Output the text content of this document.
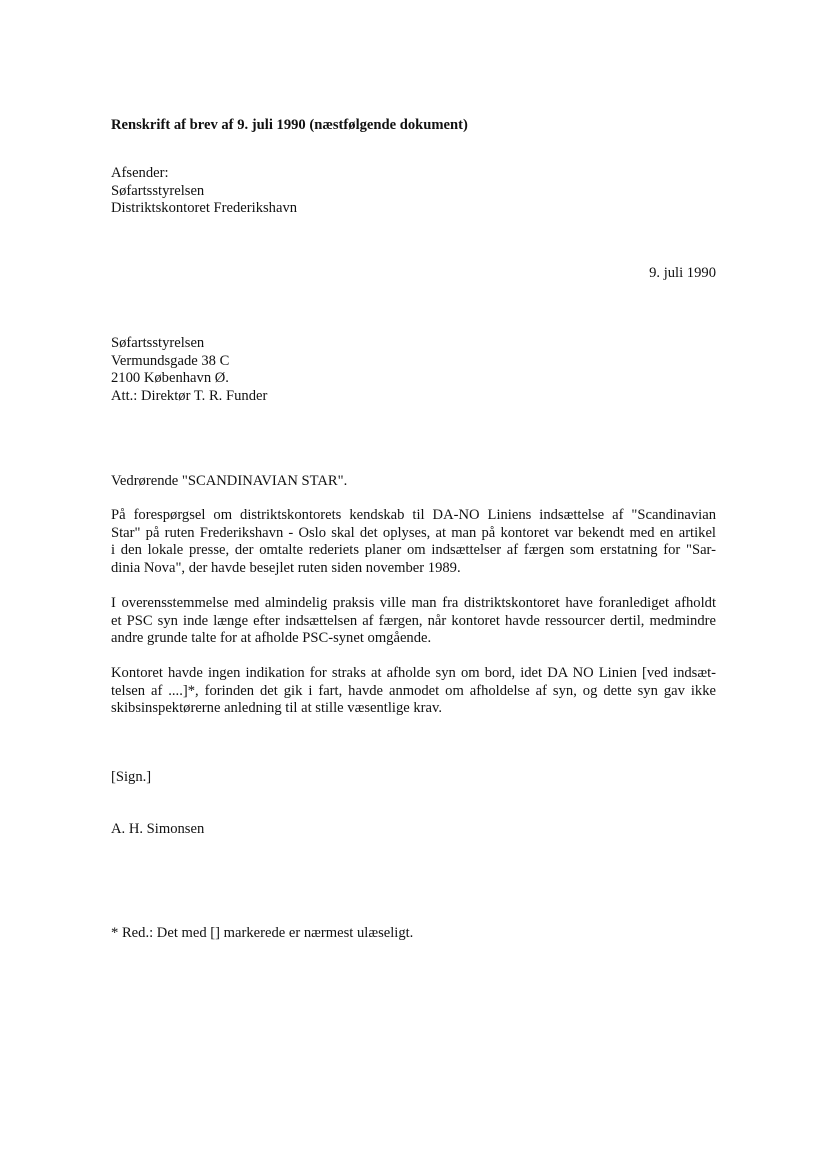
Renskrift af brev af 9. juli 1990 (næstfølgende dokument)
Afsender:
Søfartsstyrelsen
Distriktskontoret Frederikshavn
9. juli 1990
Søfartsstyrelsen
Vermundsgade 38 C
2100 København Ø.
Att.: Direktør T. R. Funder
Vedrørende "SCANDINAVIAN STAR".
På forespørgsel om distriktskontorets kendskab til DA-NO Liniens indsættelse af "Scandinavian
Star" på ruten Frederikshavn - Oslo skal det oplyses, at man på kontoret var bekendt med en artikel
i den lokale presse, der omtalte rederiets planer om indsættelser af færgen som erstatning for "Sar-
dinia Nova", der havde besejlet ruten siden november 1989.
I overensstemmelse med almindelig praksis ville man fra distriktskontoret have foranlediget afholdt
et PSC syn inde længe efter indsættelsen af færgen, når kontoret havde ressourcer dertil, medmindre
andre grunde talte for at afholde PSC-synet omgående.
Kontoret havde ingen indikation for straks at afholde syn om bord, idet DA NO Linien [ved indsæt-
telsen af ....]*, forinden det gik i fart, havde anmodet om afholdelse af syn, og dette syn gav ikke
skibsinspektørerne anledning til at stille væsentlige krav.
[Sign.]
A. H. Simonsen
* Red.: Det med [] markerede er nærmest ulæseligt.
